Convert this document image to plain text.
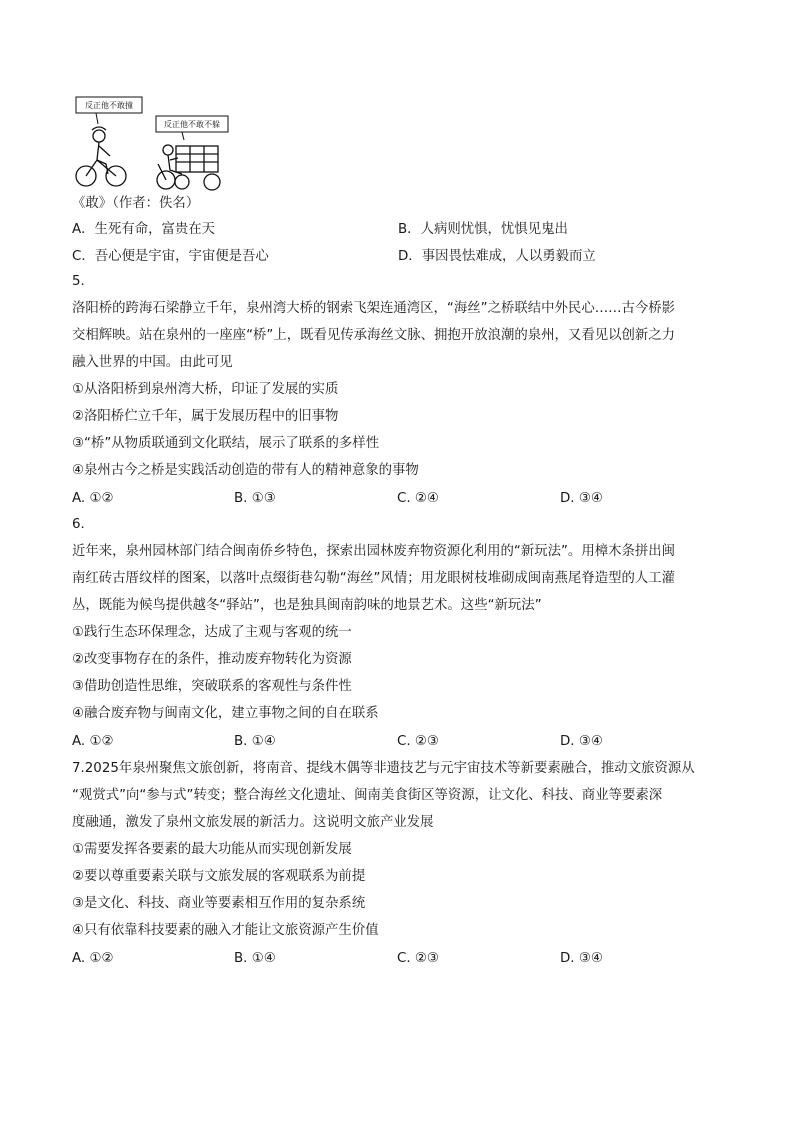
反正他不敢撞
反正他不敢不躲
《敢》（作者：佚名）
A．生死有命，富贵在天	B．人病则忧惧，忧惧见鬼出
C．吾心便是宇宙，宇宙便是吾心	D．事因畏怯难成，人以勇毅而立
5.
洛阳桥的跨海石梁静立千年，泉州湾大桥的钢索飞架连通湾区，“海丝”之桥联结中外民心……古今桥影
交相辉映。站在泉州的一座座“桥”上，既看见传承海丝文脉、拥抱开放浪潮的泉州，又看见以创新之力
融入世界的中国。由此可见
①从洛阳桥到泉州湾大桥，印证了发展的实质
②洛阳桥伫立千年，属于发展历程中的旧事物
③“桥”从物质联通到文化联结，展示了联系的多样性
④泉州古今之桥是实践活动创造的带有人的精神意象的事物
A. ①②	B. ①③	C. ②④	D. ③④
6.
近年来，泉州园林部门结合闽南侨乡特色，探索出园林废弃物资源化利用的“新玩法”。用樟木条拼出闽
南红砖古厝纹样的图案，以落叶点缀街巷勾勒“海丝”风情；用龙眼树枝堆砌成闽南燕尾脊造型的人工灌
丛，既能为候鸟提供越冬“驿站”，也是独具闽南韵味的地景艺术。这些“新玩法”
①践行生态环保理念，达成了主观与客观的统一
②改变事物存在的条件，推动废弃物转化为资源
③借助创造性思维，突破联系的客观性与条件性
④融合废弃物与闽南文化，建立事物之间的自在联系
A. ①②	B. ①④	C. ②③	D. ③④
7.2025年泉州聚焦文旅创新，将南音、提线木偶等非遗技艺与元宇宙技术等新要素融合，推动文旅资源从
“观赏式”向“参与式”转变；整合海丝文化遗址、闽南美食街区等资源，让文化、科技、商业等要素深
度融通，激发了泉州文旅发展的新活力。这说明文旅产业发展
①需要发挥各要素的最大功能从而实现创新发展
②要以尊重要素关联与文旅发展的客观联系为前提
③是文化、科技、商业等要素相互作用的复杂系统
④只有依靠科技要素的融入才能让文旅资源产生价值
A. ①②	B. ①④	C. ②③	D. ③④
